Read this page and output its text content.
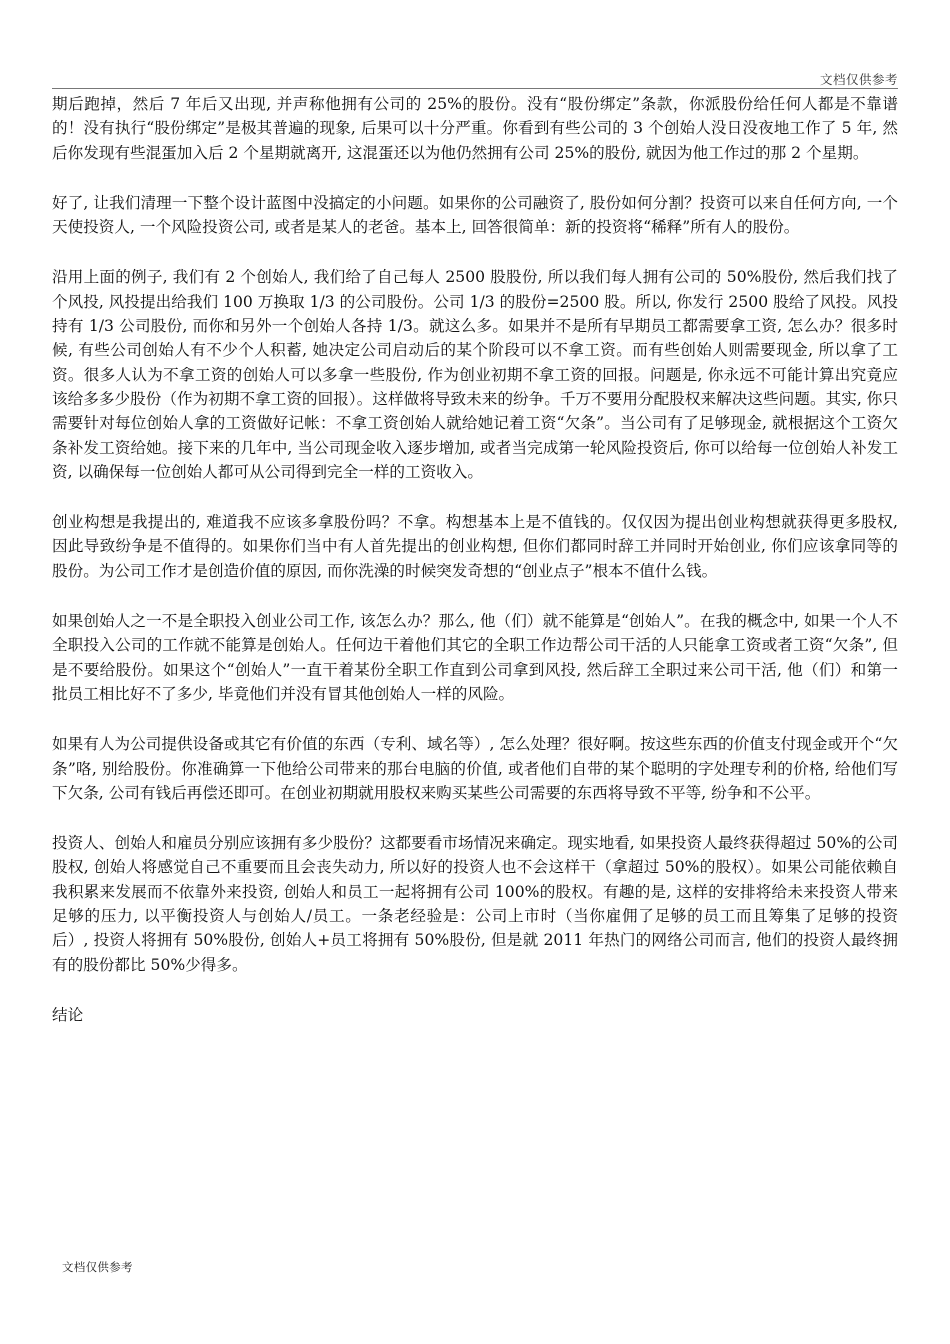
文档仅供参考

期后跑掉，然后 7 年后又出现, 并声称他拥有公司的 25%的股份。没有“股份绑定”条款，你派股份给任何人都是不靠谱的！没有执行“股份绑定”是极其普遍的现象, 后果可以十分严重。你看到有些公司的 3 个创始人没日没夜地工作了 5 年, 然后你发现有些混蛋加入后 2 个星期就离开, 这混蛋还以为他仍然拥有公司 25%的股份, 就因为他工作过的那 2 个星期。

好了, 让我们清理一下整个设计蓝图中没搞定的小问题。如果你的公司融资了, 股份如何分割？投资可以来自任何方向, 一个天使投资人, 一个风险投资公司, 或者是某人的老爸。基本上, 回答很简单：新的投资将“稀释”所有人的股份。

沿用上面的例子, 我们有 2 个创始人, 我们给了自己每人 2500 股股份, 所以我们每人拥有公司的 50%股份, 然后我们找了个风投, 风投提出给我们 100 万换取 1/3 的公司股份。公司 1/3 的股份=2500 股。所以, 你发行 2500 股给了风投。风投持有 1/3 公司股份, 而你和另外一个创始人各持 1/3。就这么多。如果并不是所有早期员工都需要拿工资, 怎么办？很多时候, 有些公司创始人有不少个人积蓄, 她决定公司启动后的某个阶段可以不拿工资。而有些创始人则需要现金, 所以拿了工资。很多人认为不拿工资的创始人可以多拿一些股份, 作为创业初期不拿工资的回报。问题是, 你永远不可能计算出究竟应该给多多少股份（作为初期不拿工资的回报）。这样做将导致未来的纷争。千万不要用分配股权来解决这些问题。其实, 你只需要针对每位创始人拿的工资做好记帐：不拿工资创始人就给她记着工资“欠条”。当公司有了足够现金, 就根据这个工资欠条补发工资给她。接下来的几年中, 当公司现金收入逐步增加, 或者当完成第一轮风险投资后, 你可以给每一位创始人补发工资, 以确保每一位创始人都可从公司得到完全一样的工资收入。

创业构想是我提出的, 难道我不应该多拿股份吗？不拿。构想基本上是不值钱的。仅仅因为提出创业构想就获得更多股权, 因此导致纷争是不值得的。如果你们当中有人首先提出的创业构想, 但你们都同时辞工并同时开始创业, 你们应该拿同等的股份。为公司工作才是创造价值的原因, 而你洗澡的时候突发奇想的“创业点子”根本不值什么钱。

如果创始人之一不是全职投入创业公司工作, 该怎么办？那么, 他（们）就不能算是“创始人”。在我的概念中, 如果一个人不全职投入公司的工作就不能算是创始人。任何边干着他们其它的全职工作边帮公司干活的人只能拿工资或者工资“欠条”, 但是不要给股份。如果这个“创始人”一直干着某份全职工作直到公司拿到风投, 然后辞工全职过来公司干活, 他（们）和第一批员工相比好不了多少, 毕竟他们并没有冒其他创始人一样的风险。

如果有人为公司提供设备或其它有价值的东西（专利、域名等）, 怎么处理？很好啊。按这些东西的价值支付现金或开个“欠条”咯, 别给股份。你准确算一下他给公司带来的那台电脑的价值, 或者他们自带的某个聪明的字处理专利的价格, 给他们写下欠条, 公司有钱后再偿还即可。在创业初期就用股权来购买某些公司需要的东西将导致不平等, 纷争和不公平。

投资人、创始人和雇员分别应该拥有多少股份？这都要看市场情况来确定。现实地看, 如果投资人最终获得超过 50%的公司股权, 创始人将感觉自己不重要而且会丧失动力, 所以好的投资人也不会这样干（拿超过 50%的股权）。如果公司能依赖自我积累来发展而不依靠外来投资, 创始人和员工一起将拥有公司 100%的股权。有趣的是, 这样的安排将给未来投资人带来足够的压力, 以平衡投资人与创始人/员工。一条老经验是：公司上市时（当你雇佣了足够的员工而且筹集了足够的投资后）, 投资人将拥有 50%股份, 创始人+员工将拥有 50%股份, 但是就 2011 年热门的网络公司而言, 他们的投资人最终拥有的股份都比 50%少得多。

结论

文档仅供参考
